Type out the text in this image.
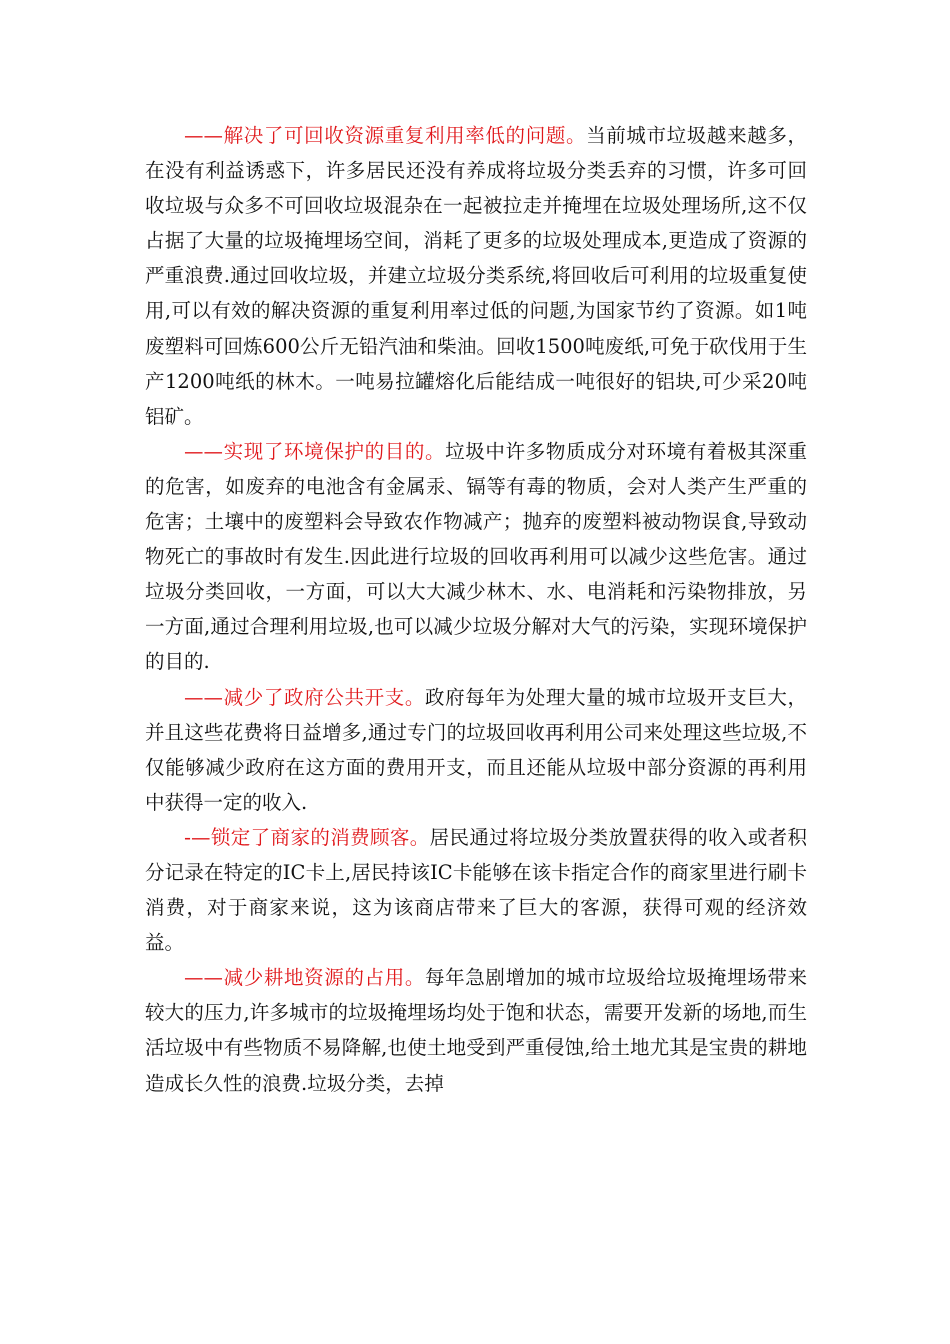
——解决了可回收资源重复利用率低的问题。当前城市垃圾越来越多，在没有利益诱惑下，许多居民还没有养成将垃圾分类丢弃的习惯，许多可回收垃圾与众多不可回收垃圾混杂在一起被拉走并掩埋在垃圾处理场所,这不仅占据了大量的垃圾掩埋场空间，消耗了更多的垃圾处理成本,更造成了资源的严重浪费.通过回收垃圾，并建立垃圾分类系统,将回收后可利用的垃圾重复使用,可以有效的解决资源的重复利用率过低的问题,为国家节约了资源。如1吨废塑料可回炼600公斤无铅汽油和柴油。回收1500吨废纸,可免于砍伐用于生产1200吨纸的林木。一吨易拉罐熔化后能结成一吨很好的铝块,可少采20吨铝矿。

——实现了环境保护的目的。垃圾中许多物质成分对环境有着极其深重的危害，如废弃的电池含有金属汞、镉等有毒的物质，会对人类产生严重的危害；土壤中的废塑料会导致农作物减产；抛弃的废塑料被动物误食,导致动物死亡的事故时有发生.因此进行垃圾的回收再利用可以减少这些危害。通过垃圾分类回收，一方面，可以大大减少林木、水、电消耗和污染物排放，另一方面,通过合理利用垃圾,也可以减少垃圾分解对大气的污染，实现环境保护的目的.

——减少了政府公共开支。政府每年为处理大量的城市垃圾开支巨大，并且这些花费将日益增多,通过专门的垃圾回收再利用公司来处理这些垃圾,不仅能够减少政府在这方面的费用开支，而且还能从垃圾中部分资源的再利用中获得一定的收入.

-—锁定了商家的消费顾客。居民通过将垃圾分类放置获得的收入或者积分记录在特定的IC卡上,居民持该IC卡能够在该卡指定合作的商家里进行刷卡消费，对于商家来说，这为该商店带来了巨大的客源，获得可观的经济效益。

——减少耕地资源的占用。每年急剧增加的城市垃圾给垃圾掩埋场带来较大的压力,许多城市的垃圾掩埋场均处于饱和状态，需要开发新的场地,而生活垃圾中有些物质不易降解,也使土地受到严重侵蚀,给土地尤其是宝贵的耕地造成长久性的浪费.垃圾分类，去掉
